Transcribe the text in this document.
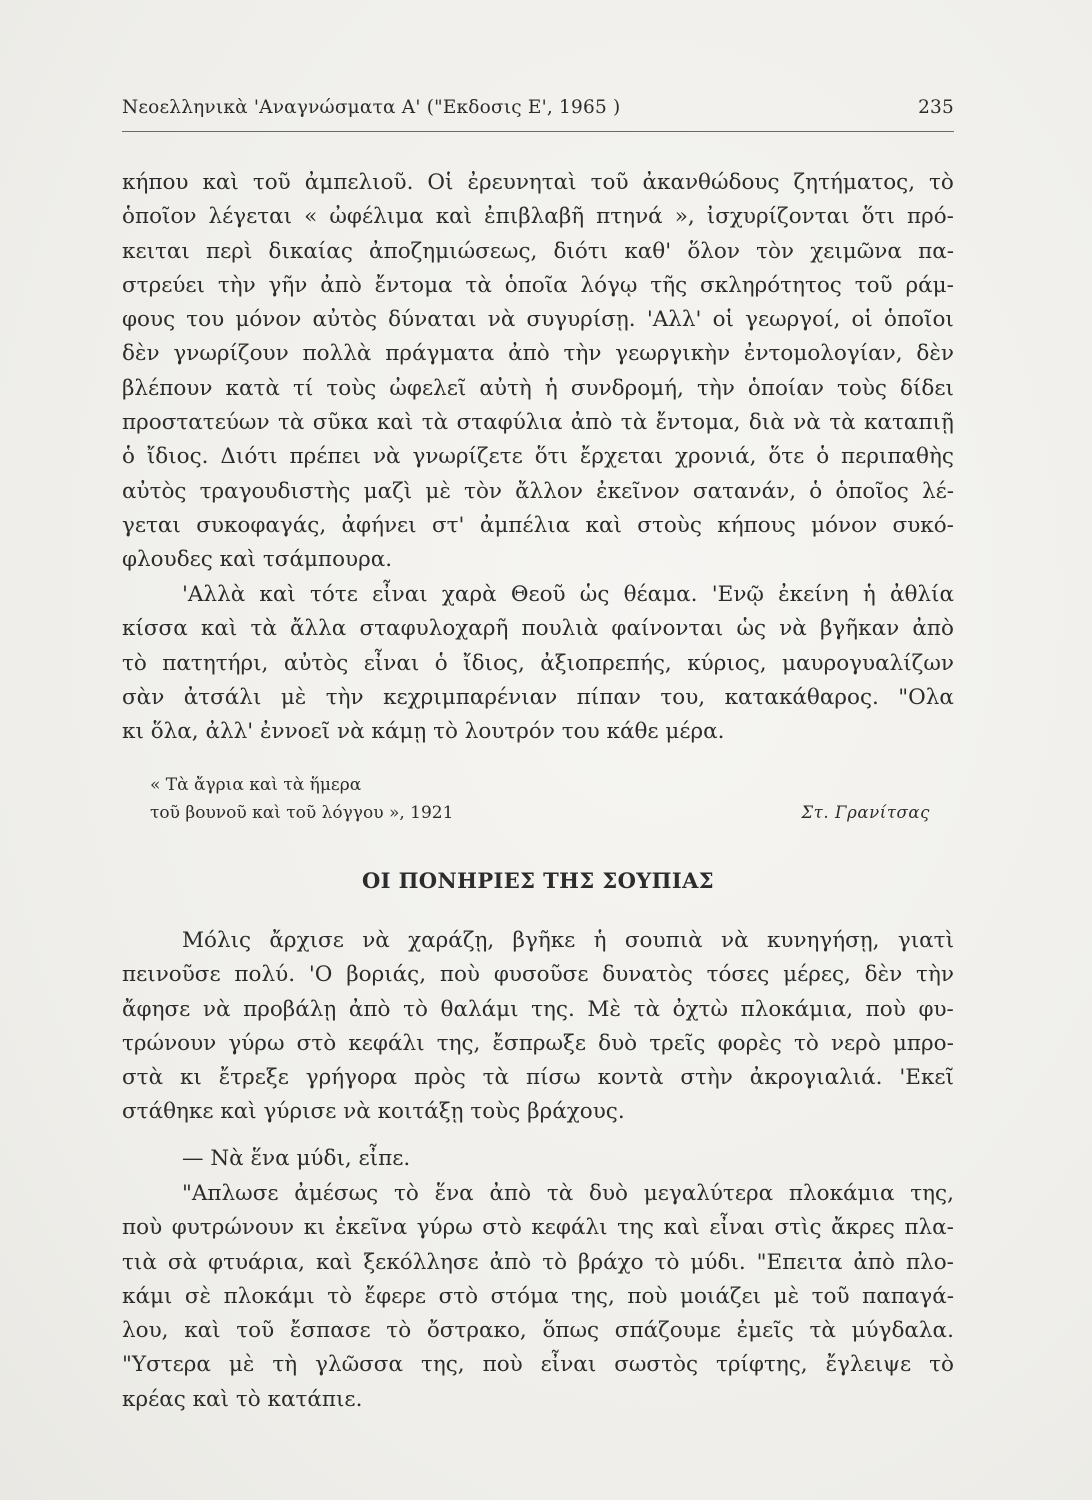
Νεοελληνικὰ 'Αναγνώσματα Α' ("Εκδοσις Ε', 1965 )	235
κήπου καὶ τοῦ ἀμπελιοῦ. Οἱ ἐρευνηταὶ τοῦ ἀκανθώδους ζητήματος, τὸ
ὁποῖον λέγεται « ὠφέλιμα καὶ ἐπιβλαβῆ πτηνά », ἰσχυρίζονται ὅτι πρό-
κειται περὶ δικαίας ἀποζημιώσεως, διότι καθ' ὅλον τὸν χειμῶνα πα-
στρεύει τὴν γῆν ἀπὸ ἔντομα τὰ ὁποῖα λόγῳ τῆς σκληρότητος τοῦ ράμ-
φους του μόνον αὐτὸς δύναται νὰ συγυρίσῃ. 'Αλλ' οἱ γεωργοί, οἱ ὁποῖοι
δὲν γνωρίζουν πολλὰ πράγματα ἀπὸ τὴν γεωργικὴν ἐντομολογίαν, δὲν
βλέπουν κατὰ τί τοὺς ὠφελεῖ αὐτὴ ἡ συνδρομή, τὴν ὁποίαν τοὺς δίδει
προστατεύων τὰ σῦκα καὶ τὰ σταφύλια ἀπὸ τὰ ἔντομα, διὰ νὰ τὰ καταπιῇ
ὁ ἴδιος. Διότι πρέπει νὰ γνωρίζετε ὅτι ἔρχεται χρονιά, ὅτε ὁ περιπαθὴς
αὐτὸς τραγουδιστὴς μαζὶ μὲ τὸν ἄλλον ἐκεῖνον σατανάν, ὁ ὁποῖος λέ-
γεται συκοφαγάς, ἀφήνει στ' ἀμπέλια καὶ στοὺς κήπους μόνον συκό-
φλουδες καὶ τσάμπουρα.
'Αλλὰ καὶ τότε εἶναι χαρὰ Θεοῦ ὡς θέαμα. 'Ενῷ ἐκείνη ἡ ἀθλία
κίσσα καὶ τὰ ἄλλα σταφυλοχαρῆ πουλιὰ φαίνονται ὡς νὰ βγῆκαν ἀπὸ
τὸ πατητήρι, αὐτὸς εἶναι ὁ ἴδιος, ἀξιοπρεπής, κύριος, μαυρογυαλίζων
σὰν ἀτσάλι μὲ τὴν κεχριμπαρένιαν πίπαν του, κατακάθαρος. "Ολα
κι ὅλα, ἀλλ' ἐννοεῖ νὰ κάμῃ τὸ λουτρόν του κάθε μέρα.
« Τὰ ἄγρια καὶ τὰ ἥμερα
τοῦ βουνοῦ καὶ τοῦ λόγγου », 1921	Στ. Γρανίτσας
ΟΙ ΠΟΝΗΡΙΕΣ ΤΗΣ ΣΟΥΠΙΑΣ
Μόλις ἄρχισε νὰ χαράζῃ, βγῆκε ἡ σουπιὰ νὰ κυνηγήσῃ, γιατὶ
πεινοῦσε πολύ. 'Ο βοριάς, ποὺ φυσοῦσε δυνατὸς τόσες μέρες, δὲν τὴν
ἄφησε νὰ προβάλῃ ἀπὸ τὸ θαλάμι της. Μὲ τὰ ὀχτὼ πλοκάμια, ποὺ φυ-
τρώνουν γύρω στὸ κεφάλι της, ἔσπρωξε δυὸ τρεῖς φορὲς τὸ νερὸ μπρο-
στὰ κι ἔτρεξε γρήγορα πρὸς τὰ πίσω κοντὰ στὴν ἀκρογιαλιά. 'Εκεῖ
στάθηκε καὶ γύρισε νὰ κοιτάξῃ τοὺς βράχους.
— Νὰ ἕνα μύδι, εἶπε.
"Απλωσε ἀμέσως τὸ ἕνα ἀπὸ τὰ δυὸ μεγαλύτερα πλοκάμια της,
ποὺ φυτρώνουν κι ἐκεῖνα γύρω στὸ κεφάλι της καὶ εἶναι στὶς ἄκρες πλα-
τιὰ σὰ φτυάρια, καὶ ξεκόλλησε ἀπὸ τὸ βράχο τὸ μύδι. "Επειτα ἀπὸ πλο-
κάμι σὲ πλοκάμι τὸ ἔφερε στὸ στόμα της, ποὺ μοιάζει μὲ τοῦ παπαγά-
λου, καὶ τοῦ ἔσπασε τὸ ὄστρακο, ὅπως σπάζουμε ἐμεῖς τὰ μύγδαλα.
"Υστερα μὲ τὴ γλῶσσα της, ποὺ εἶναι σωστὸς τρίφτης, ἔγλειψε τὸ
κρέας καὶ τὸ κατάπιε.
